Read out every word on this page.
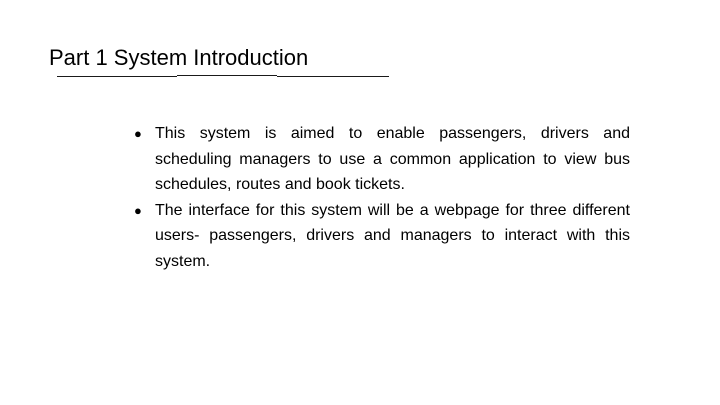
Part 1 System Introduction
● This system is aimed to enable passengers, drivers and scheduling managers to use a common application to view bus schedules, routes and book tickets.
● The interface for this system will be a webpage for three different users- passengers, drivers and managers to interact with this system.
